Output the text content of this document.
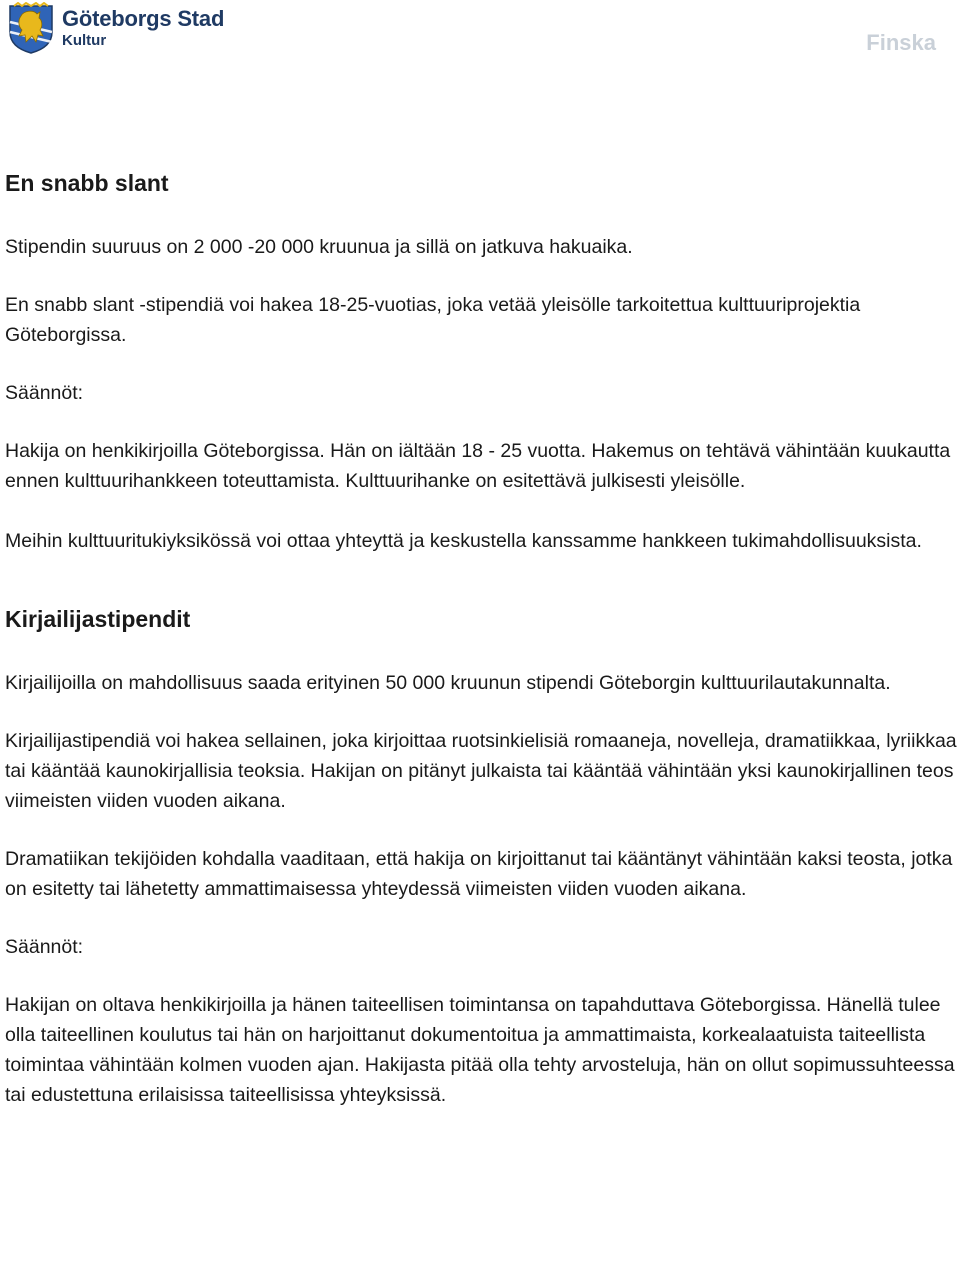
Göteborgs Stad
Kultur	Finska
En snabb slant

Stipendin suuruus on 2 000 -20 000 kruunua ja sillä on jatkuva hakuaika.

En snabb slant -stipendiä voi hakea 18-25-vuotias, joka vetää yleisölle tarkoitettua kulttuuriprojektia Göteborgissa.

Säännöt:

Hakija on henkikirjoilla Göteborgissa. Hän on iältään 18 - 25 vuotta. Hakemus on tehtävä vähintään kuukautta ennen kulttuurihankkeen toteuttamista. Kulttuurihanke on esitettävä julkisesti yleisölle.

Meihin kulttuuritukiyksikössä voi ottaa yhteyttä ja keskustella kanssamme hankkeen tukimahdollisuuksista.

Kirjailijastipendit

Kirjailijoilla on mahdollisuus saada erityinen 50 000 kruunun stipendi Göteborgin kulttuurilautakunnalta.

Kirjailijastipendiä voi hakea sellainen, joka kirjoittaa ruotsinkielisiä romaaneja, novelleja, dramatiikkaa, lyriikkaa tai kääntää kaunokirjallisia teoksia. Hakijan on pitänyt julkaista tai kääntää vähintään yksi kaunokirjallinen teos viimeisten viiden vuoden aikana.

Dramatiikan tekijöiden kohdalla vaaditaan, että hakija on kirjoittanut tai kääntänyt vähintään kaksi teosta, jotka on esitetty tai lähetetty ammattimaisessa yhteydessä viimeisten viiden vuoden aikana.

Säännöt:

Hakijan on oltava henkikirjoilla ja hänen taiteellisen toimintansa on tapahduttava Göteborgissa. Hänellä tulee olla taiteellinen koulutus tai hän on harjoittanut dokumentoitua ja ammattimaista, korkealaatuista taiteellista toimintaa vähintään kolmen vuoden ajan. Hakijasta pitää olla tehty arvosteluja, hän on ollut sopimussuhteessa tai edustettuna erilaisissa taiteellisissa yhteyksissä.
